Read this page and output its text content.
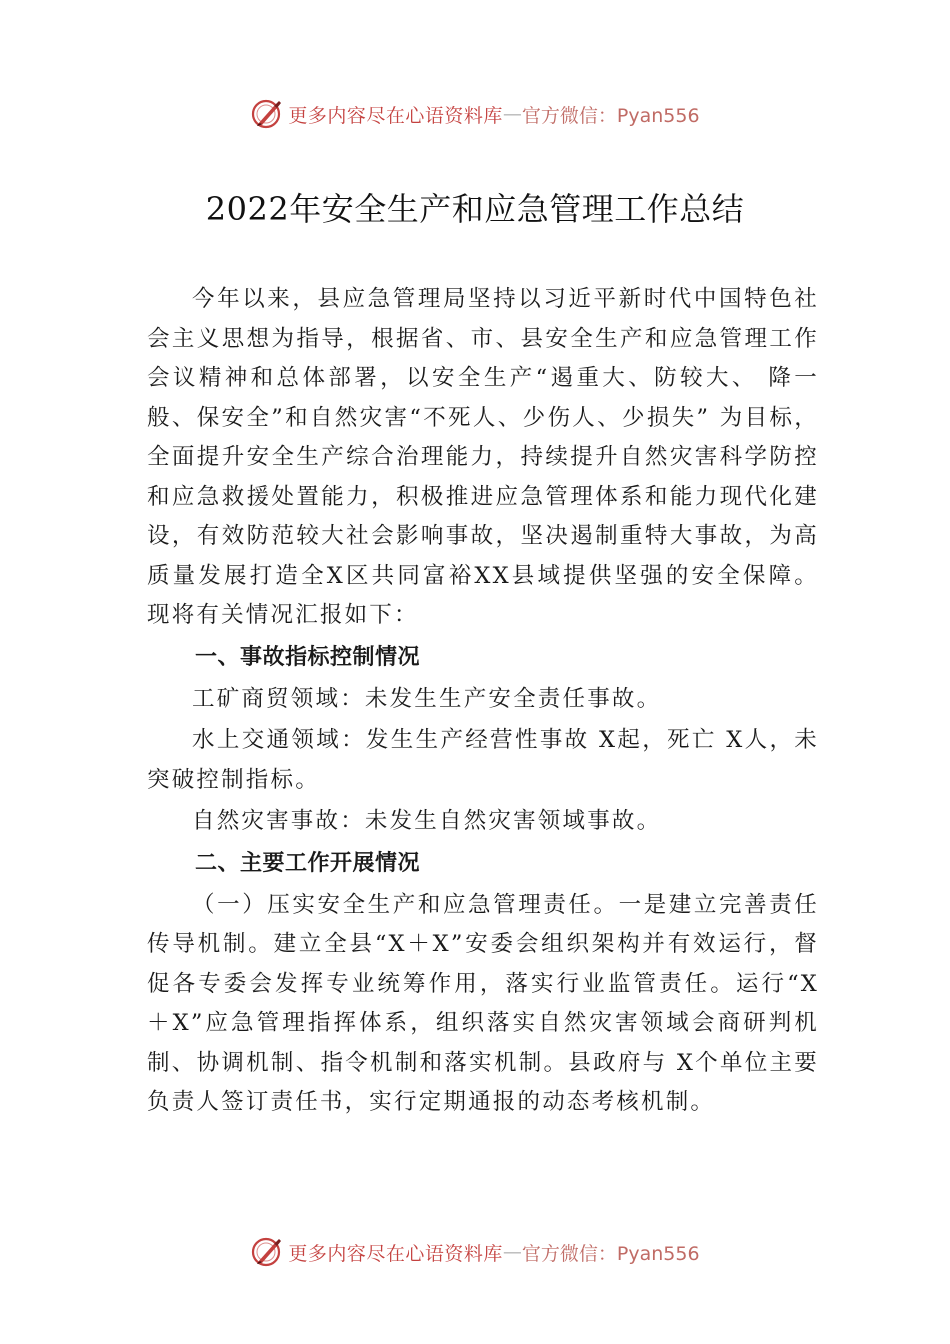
更多内容尽在心语资料库 — 官方微信：Pyan556
2022年安全生产和应急管理工作总结

今年以来，县应急管理局坚持以习近平新时代中国特色社会主义思想为指导，根据省、市、县安全生产和应急管理工作会议精神和总体部署，以安全生产“遏重大、防较大、 降一般、保安全”和自然灾害“不死人、少伤人、少损失” 为目标，全面提升安全生产综合治理能力，持续提升自然灾害科学防控和应急救援处置能力，积极推进应急管理体系和能力现代化建设，有效防范较大社会影响事故，坚决遏制重特大事故，为高质量发展打造全X区共同富裕XX县域提供坚强的安全保障。现将有关情况汇报如下：

一、事故指标控制情况

工矿商贸领域：未发生生产安全责任事故。

水上交通领域：发生生产经营性事故 X起，死亡 X人，未突破控制指标。

自然灾害事故：未发生自然灾害领域事故。

二、主要工作开展情况

（一）压实安全生产和应急管理责任。一是建立完善责任传导机制。建立全县“X＋X”安委会组织架构并有效运行，督促各专委会发挥专业统筹作用，落实行业监管责任。运行“X＋X”应急管理指挥体系，组织落实自然灾害领域会商研判机制、协调机制、指令机制和落实机制。县政府与 X个单位主要负责人签订责任书，实行定期通报的动态考核机制。

更多内容尽在心语资料库 — 官方微信：Pyan556
